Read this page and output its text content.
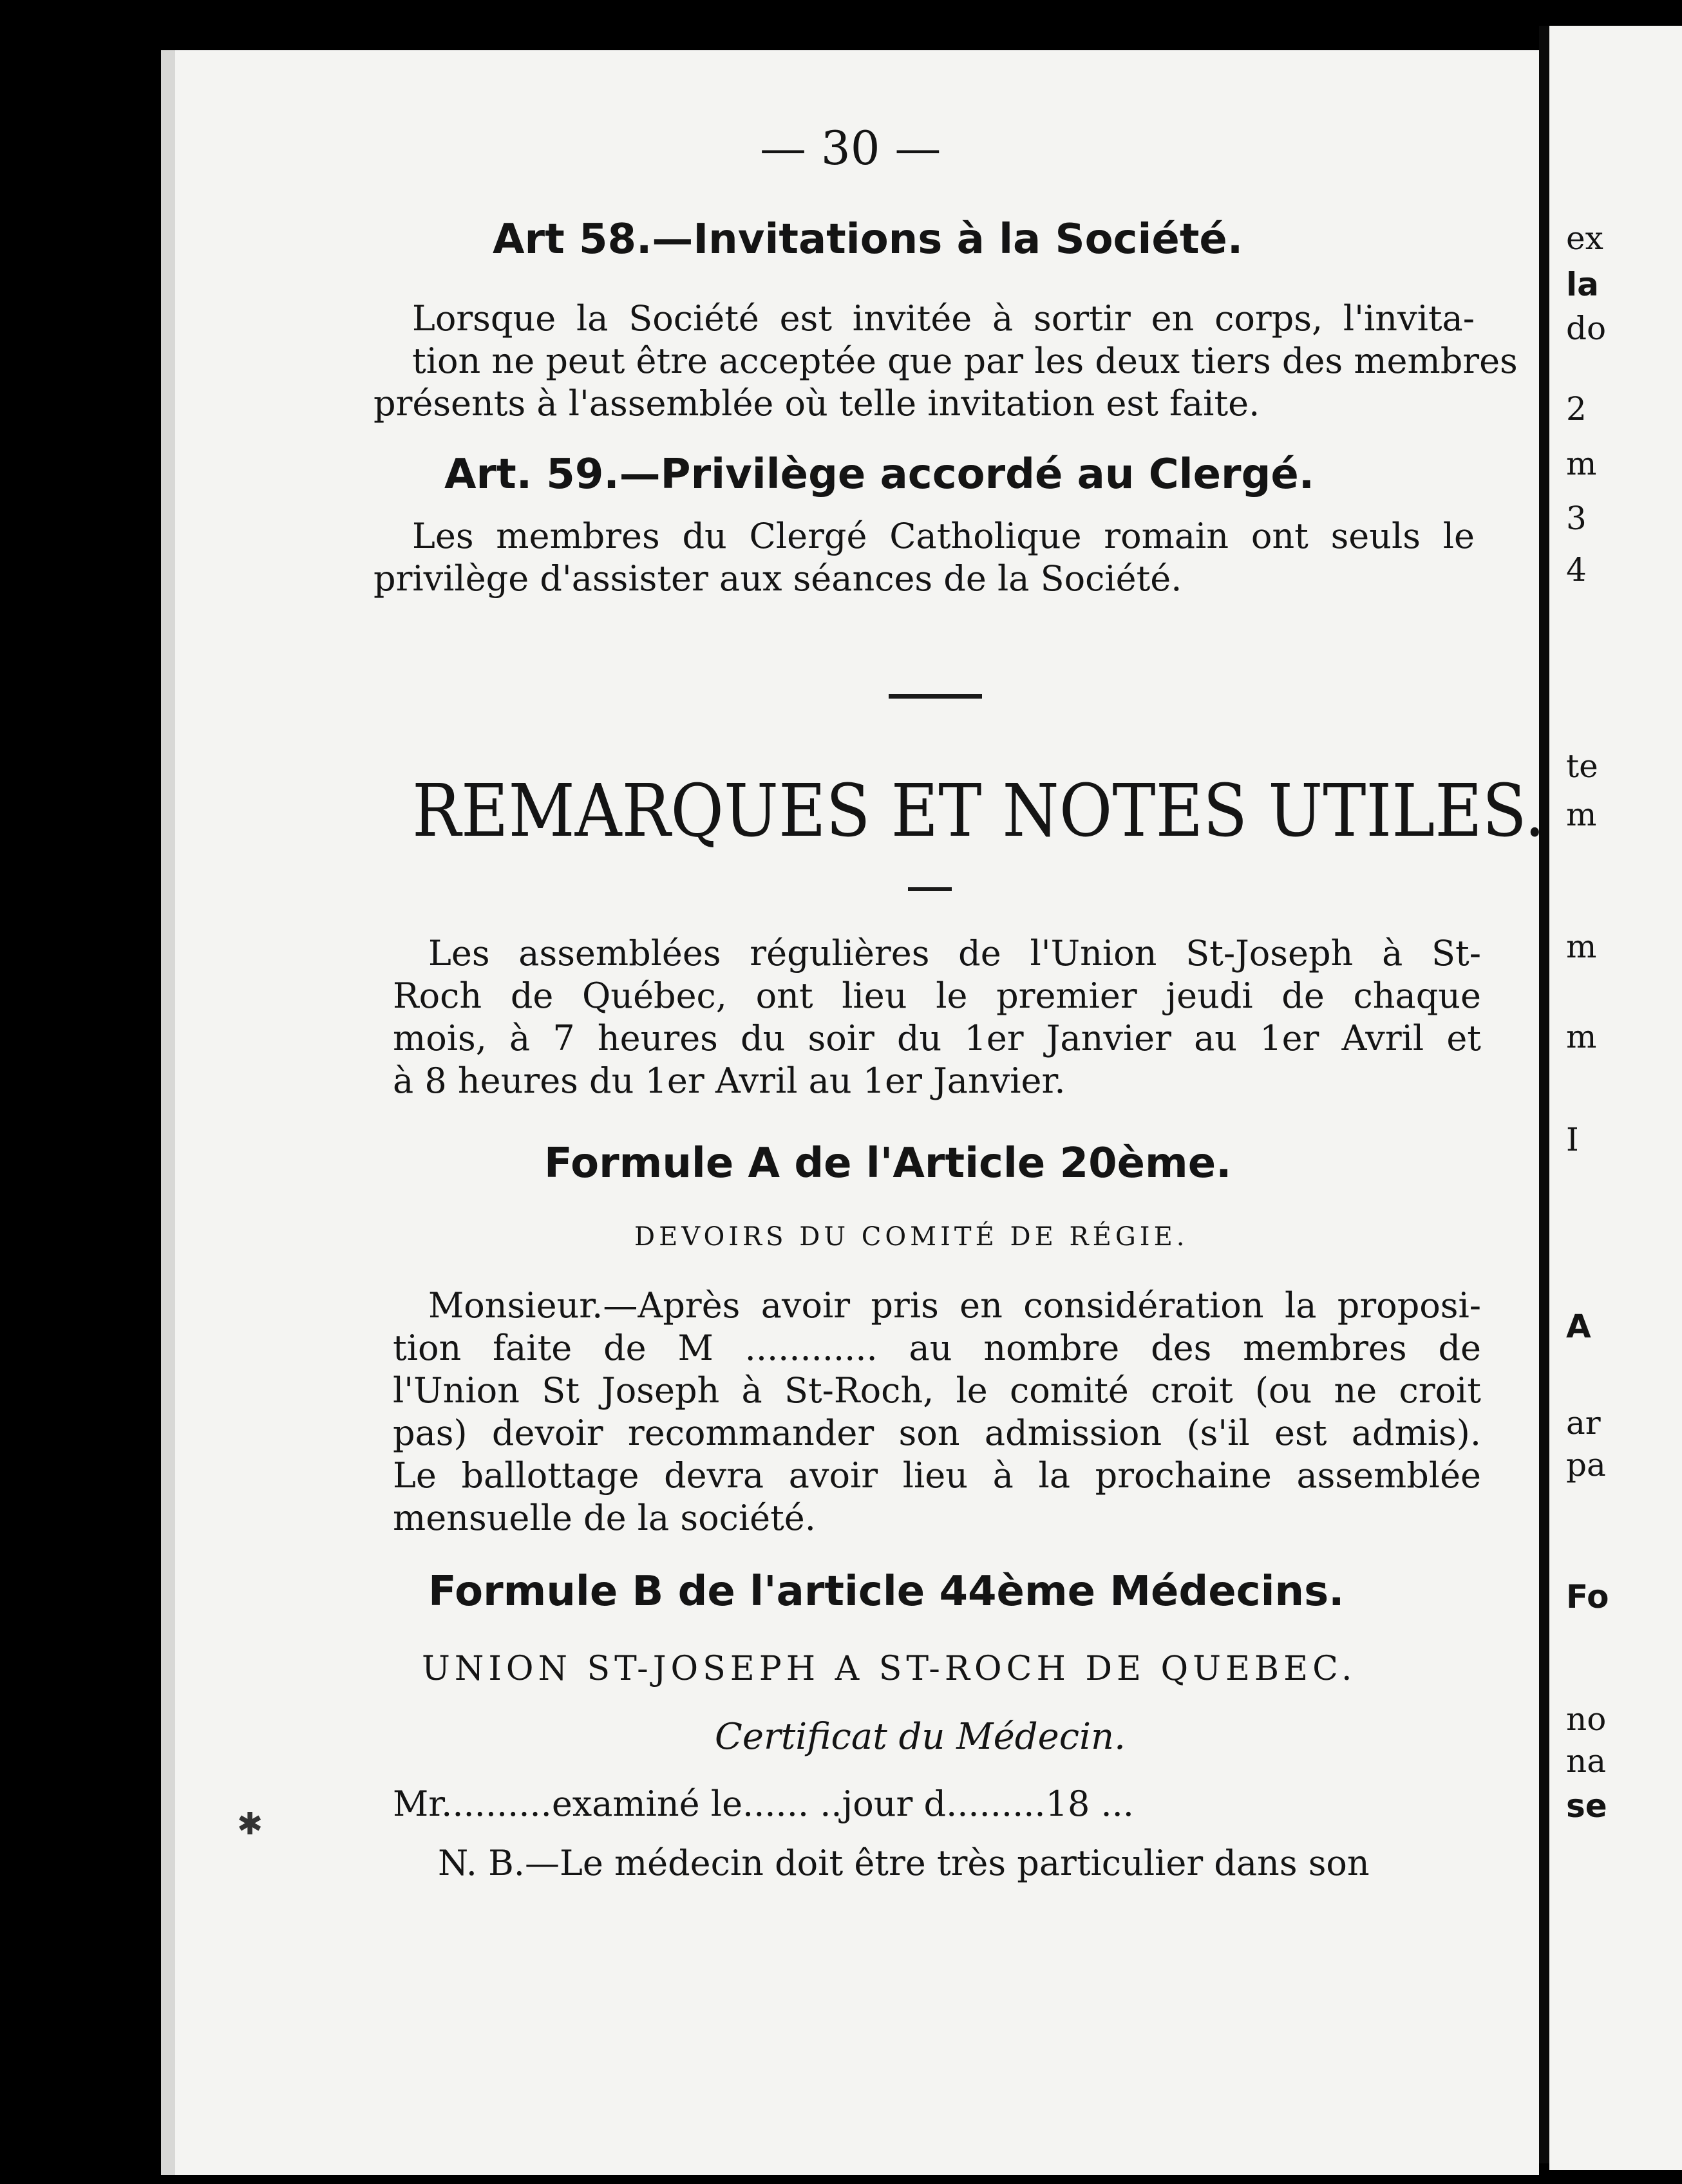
ex
la
do
2
m
3
4
te
m
m
m
I
A
ar
pa
Fo
no
na
se
— 30 —
Art 58.—Invitations à la Société.
Lorsque la Société est invitée à sortir en corps, l'invita-
tion ne peut être acceptée que par les deux tiers des membres
présents à l'assemblée où telle invitation est faite.
Art. 59.—Privilège accordé au Clergé.
Les membres du Clergé Catholique romain ont seuls le
privilège d'assister aux séances de la Société.
REMARQUES ET NOTES UTILES.
Les assemblées régulières de l'Union St-Joseph à St-
Roch de Québec, ont lieu le premier jeudi de chaque
mois, à 7 heures du soir du 1er Janvier au 1er Avril et
à 8 heures du 1er Avril au 1er Janvier.
Formule A de l'Article 20ème.
DEVOIRS DU COMITÉ DE RÉGIE.
Monsieur.—Après avoir pris en considération la proposi-
tion faite de M ............ au nombre des membres de
l'Union St Joseph à St-Roch, le comité croit (ou ne croit
pas) devoir recommander son admission (s'il est admis).
Le ballottage devra avoir lieu à la prochaine assemblée
mensuelle de la société.
Formule B de l'article 44ème Médecins.
UNION ST-JOSEPH A ST-ROCH DE QUEBEC.
Certificat du Médecin.
Mr..........examiné le...... ..jour d.........18 ...
✱
N. B.—Le médecin doit être très particulier dans son
